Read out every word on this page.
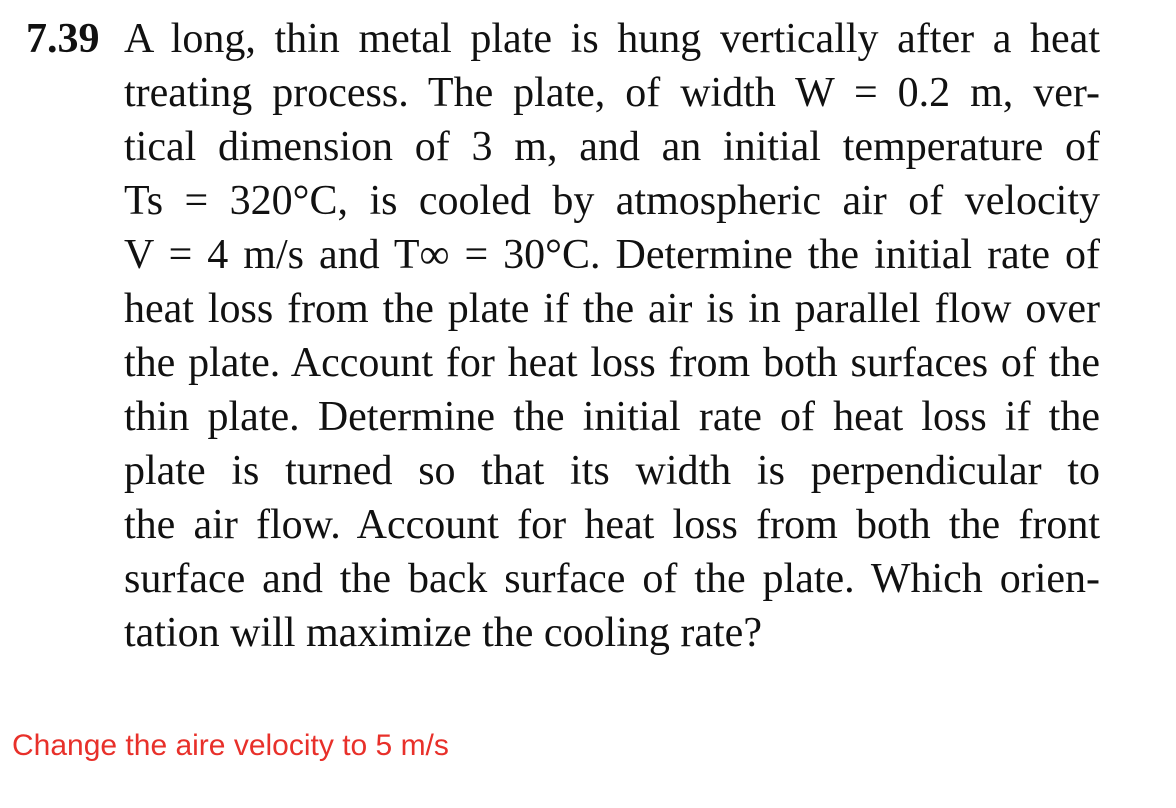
7.39 A long, thin metal plate is hung vertically after a heat
treating process. The plate, of width W = 0.2 m, ver-
tical dimension of 3 m, and an initial temperature of
Ts = 320°C, is cooled by atmospheric air of velocity
V = 4 m/s and T∞ = 30°C. Determine the initial rate of
heat loss from the plate if the air is in parallel flow over
the plate. Account for heat loss from both surfaces of the
thin plate. Determine the initial rate of heat loss if the
plate is turned so that its width is perpendicular to
the air flow. Account for heat loss from both the front
surface and the back surface of the plate. Which orien-
tation will maximize the cooling rate?
Change the aire velocity to 5 m/s
